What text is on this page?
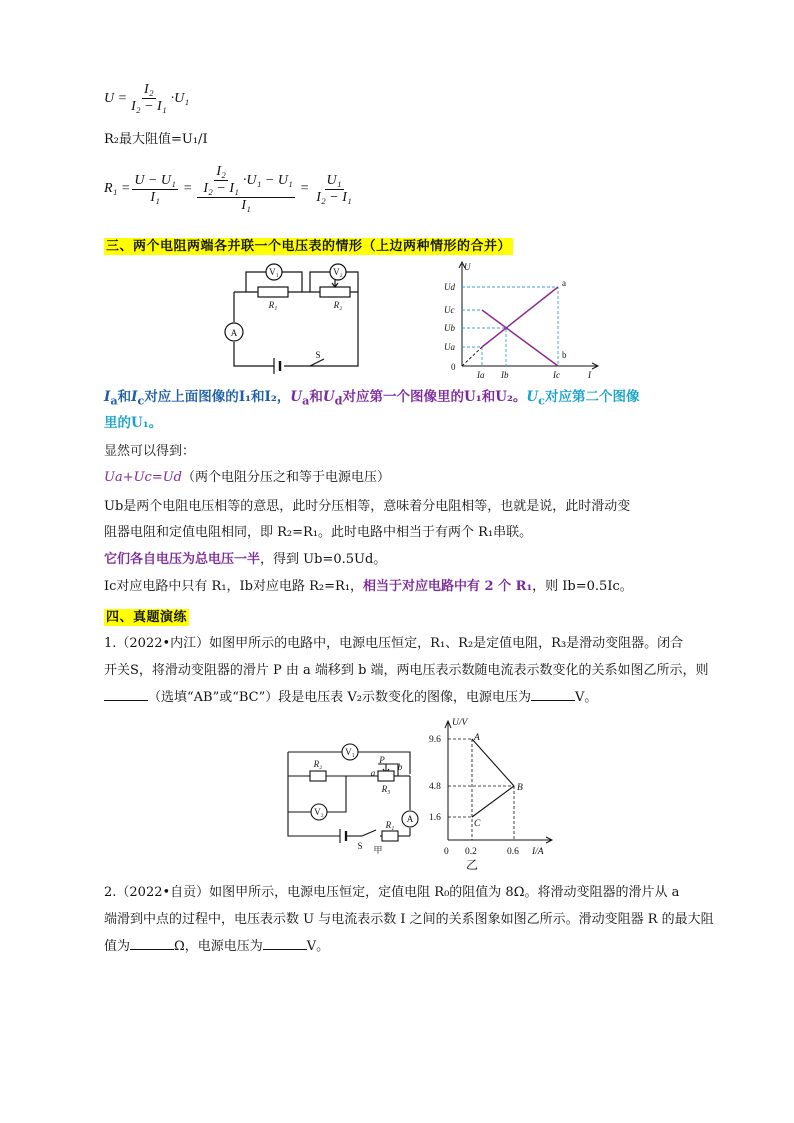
$U = \frac{\text{I₂}}{\text{I₂ − I₁}} \cdot U_1$
R₂最大阻值=U₁/I
$R_1 = \frac{\text{U − U₁}}{\text{I₁}} = \frac{\frac{\text{I₂}}{\text{I₂ − I₁}} \cdot U_1 - U_1}{\text{I₁}} = \frac{\text{U₁}}{\text{I₂ − I₁}}$
三、两个电阻两端各并联一个电压表的情形（上边两种情形的合并）
V₁	V₂
A
R₁	R₂
S
U
I
Ud
Uc
Ub
Ua
Ia Ib	Ic
0
a
b
$I_a$和$I_c$对应上面图像的I₁和I₂，$U_a$和$U_d$对应第一个图像里的U₁和U₂。$U_c$对应第二个图像
里的U₁。
显然可以得到：
Ua+Uc=Ud（两个电阻分压之和等于电源电压）
Ub是两个电阻电压相等的意思，此时分压相等，意味着分电阻相等，也就是说，此时滑动变
阻器电阻和定值电阻相同，即 R₂=R₁。此时电路中相当于有两个 R₁串联。
它们各自电压为总电压一半，得到 Ub=0.5Ud。
Ic对应电路中只有 R₁，Ib对应电路 R₂=R₁，相当于对应电路中有 2 个 R₁，则 Ib=0.5Ic。
四、真题演练
1.（2022•内江）如图甲所示的电路中，电源电压恒定，R₁、R₂是定值电阻，R₃是滑动变阻器。闭合
开关S，将滑动变阻器的滑片 P 由 a 端移到 b 端，两电压表示数随电流表示数变化的关系如图乙所示，则
（选填“AB”或“BC”）段是电压表 V₂示数变化的图像，电源电压为	V。
V₁
V₂
A
R₂
R₃
R₁
P
a
b
S 甲
U/V
I/A
9.6
4.8
1.6
0 0.2	0.6
A
B
C
乙
2.（2022•自贡）如图甲所示，电源电压恒定，定值电阻 R₀的阻值为 8Ω。将滑动变阻器的滑片从 a
端滑到中点的过程中，电压表示数 U 与电流表示数 I 之间的关系图象如图乙所示。滑动变阻器 R 的最大阻
值为	Ω，电源电压为	V。
